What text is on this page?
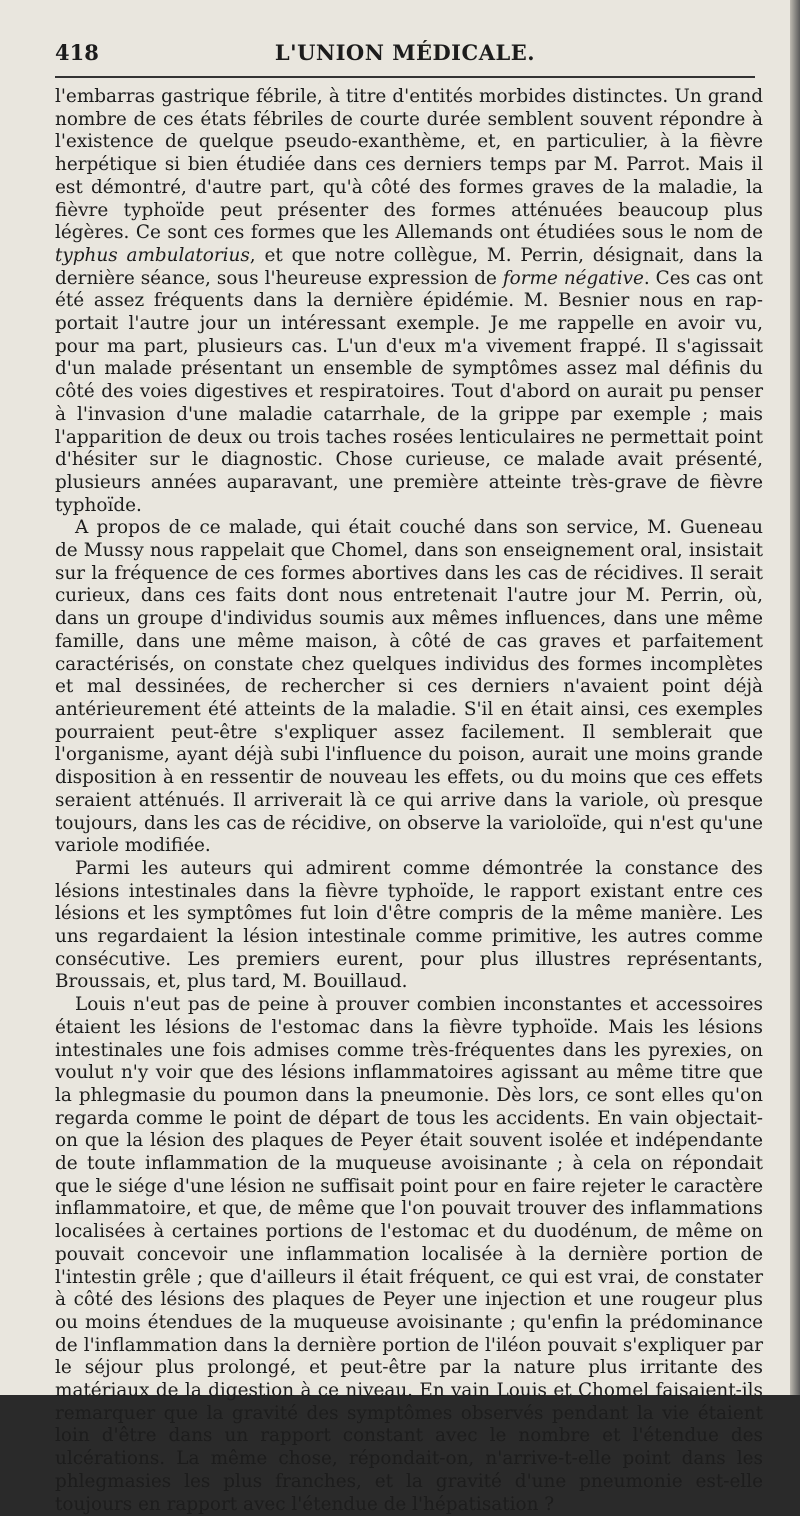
418	L'UNION MÉDICALE.

l'embarras gastrique fébrile, à titre d'entités morbides distinctes. Un grand nombre de ces états fébriles de courte durée semblent souvent répondre à l'existence de quelque pseudo-exanthème, et, en particulier, à la fièvre herpétique si bien étudiée dans ces derniers temps par M. Parrot. Mais il est démontré, d'autre part, qu'à côté des formes graves de la maladie, la fièvre typhoïde peut présenter des formes atténuées beaucoup plus légères. Ce sont ces formes que les Allemands ont étudiées sous le nom de typhus ambulatorius, et que notre collègue, M. Perrin, désignait, dans la dernière séance, sous l'heureuse expression de forme négative. Ces cas ont été assez fréquents dans la dernière épidémie. M. Besnier nous en rapportait l'autre jour un intéressant exemple. Je me rappelle en avoir vu, pour ma part, plusieurs cas. L'un d'eux m'a vivement frappé. Il s'agissait d'un malade présentant un ensemble de symptômes assez mal définis du côté des voies digestives et respiratoires. Tout d'abord on aurait pu penser à l'invasion d'une maladie catarrhale, de la grippe par exemple ; mais l'apparition de deux ou trois taches rosées lenticulaires ne permettait point d'hésiter sur le diagnostic. Chose curieuse, ce malade avait présenté, plusieurs années auparavant, une première atteinte très-grave de fièvre typhoïde.

A propos de ce malade, qui était couché dans son service, M. Gueneau de Mussy nous rappelait que Chomel, dans son enseignement oral, insistait sur la fréquence de ces formes abortives dans les cas de récidives. Il serait curieux, dans ces faits dont nous entretenait l'autre jour M. Perrin, où, dans un groupe d'individus soumis aux mêmes influences, dans une même famille, dans une même maison, à côté de cas graves et parfaitement caractérisés, on constate chez quelques individus des formes incomplètes et mal dessinées, de rechercher si ces derniers n'avaient point déjà antérieurement été atteints de la maladie. S'il en était ainsi, ces exemples pourraient peut-être s'expliquer assez facilement. Il semblerait que l'organisme, ayant déjà subi l'influence du poison, aurait une moins grande disposition à en ressentir de nouveau les effets, ou du moins que ces effets seraient atténués. Il arriverait là ce qui arrive dans la variole, où presque toujours, dans les cas de récidive, on observe la varioloïde, qui n'est qu'une variole modifiée.

Parmi les auteurs qui admirent comme démontrée la constance des lésions intestinales dans la fièvre typhoïde, le rapport existant entre ces lésions et les symptômes fut loin d'être compris de la même manière. Les uns regardaient la lésion intestinale comme primitive, les autres comme consécutive. Les premiers eurent, pour plus illustres représentants, Broussais, et, plus tard, M. Bouillaud.

Louis n'eut pas de peine à prouver combien inconstantes et accessoires étaient les lésions de l'estomac dans la fièvre typhoïde. Mais les lésions intestinales une fois admises comme très-fréquentes dans les pyrexies, on voulut n'y voir que des lésions inflammatoires agissant au même titre que la phlegmasie du poumon dans la pneumonie. Dès lors, ce sont elles qu'on regarda comme le point de départ de tous les accidents. En vain objectait-on que la lésion des plaques de Peyer était souvent isolée et indépendante de toute inflammation de la muqueuse avoisinante ; à cela on répondait que le siége d'une lésion ne suffisait point pour en faire rejeter le caractère inflammatoire, et que, de même que l'on pouvait trouver des inflammations localisées à certaines portions de l'estomac et du duodénum, de même on pouvait concevoir une inflammation localisée à la dernière portion de l'intestin grêle ; que d'ailleurs il était fréquent, ce qui est vrai, de constater à côté des lésions des plaques de Peyer une injection et une rougeur plus ou moins étendues de la muqueuse avoisinante ; qu'enfin la prédominance de l'inflammation dans la dernière portion de l'iléon pouvait s'expliquer par le séjour plus prolongé, et peut-être par la nature plus irritante des matériaux de la digestion à ce niveau. En vain Louis et Chomel faisaient-ils remarquer que la gravité des symptômes observés pendant la vie étaient loin d'être dans un rapport constant avec le nombre et l'étendue des ulcérations. La même chose, répondait-on, n'arrive-t-elle point dans les phlegmasies les plus franches, et la gravité d'une pneumonie est-elle toujours en rapport avec l'étendue de l'hépatisation ?
